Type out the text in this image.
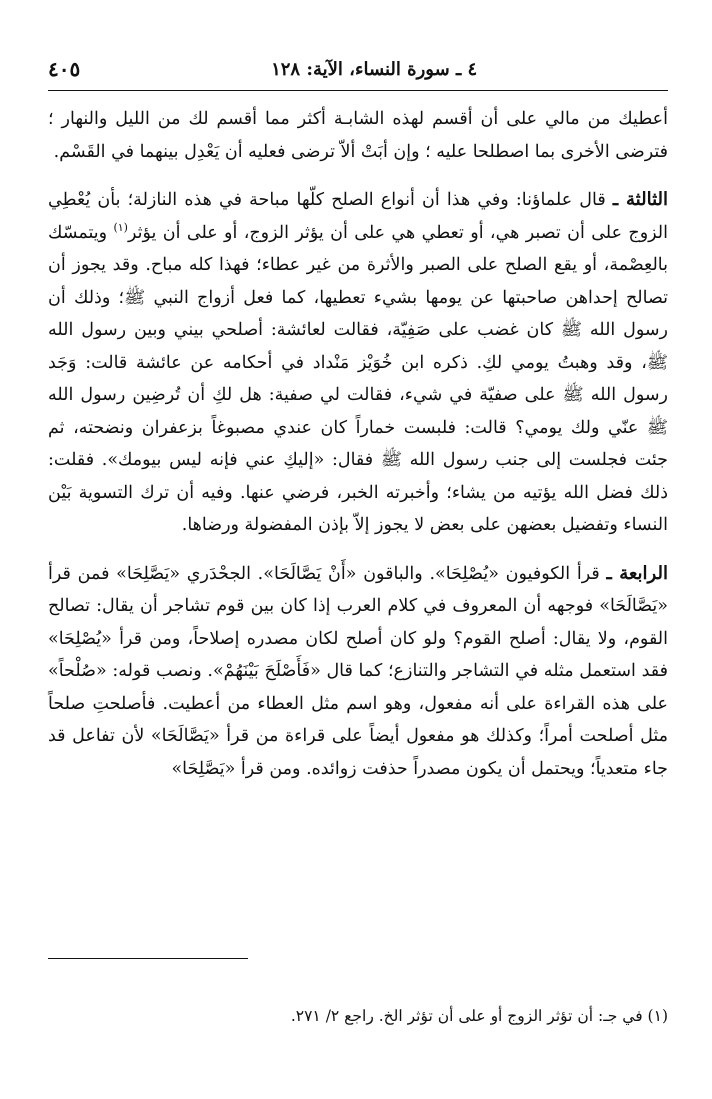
٤ ـ سورة النساء، الآية: ١٢٨
٤٠٥

أعطيك من مالي على أن أقسم لهذه الشابـة أكثر مما أقسم لك من الليل والنهار ؛ فترضى الأخرى بما اصطلحا عليه ؛ وإن أبَتْ ألاّ ترضى فعليه أن يَعْدِل بينهما في القَسْم.

الثالثة ـ قال علماؤنا: وفي هذا أن أنواع الصلح كلّها مباحة في هذه النازلة؛ بأن يُعْطِي الزوج على أن تصبر هي، أو تعطي هي على أن يؤثر الزوج، أو على أن يؤثر$^{(١)}$ ويتمسّك بالعِصْمة، أو يقع الصلح على الصبر والأثرة من غير عطاء؛ فهذا كله مباح. وقد يجوز أن تصالح إحداهن صاحبتها عن يومها بشيء تعطيها، كما فعل أزواج النبي ﷺ؛ وذلك أن رسول الله ﷺ كان غضب على صَفِيّة، فقالت لعائشة: أصلحي بيني وبين رسول الله ﷺ، وقد وهبتُ يومي لكِ. ذكره ابن خُوَيْز مَنْداد في أحكامه عن عائشة قالت: وَجَد رسول الله ﷺ على صفيّة في شيء، فقالت لي صفية: هل لكِ أن تُرضِين رسول الله ﷺ عنّي ولك يومي؟ قالت: فلبست خماراً كان عندي مصبوغاً بزعفران ونضحته، ثم جئت فجلست إلى جنب رسول الله ﷺ فقال: «إليكِ عني فإنه ليس بيومك». فقلت: ذلك فضل الله يؤتيه من يشاء؛ وأخبرته الخبر، فرضي عنها. وفيه أن ترك التسوية بَيْن النساء وتفضيل بعضهن على بعض لا يجوز إلاّ بإذن المفضولة ورضاها.

الرابعة ـ قرأ الكوفيون «يُصْلِحَا». والباقون «أَنْ يَصَّالَحَا». الجحْدَري «يَصَّلِحَا» فمن قرأ «يَصَّالَحَا» فوجهه أن المعروف في كلام العرب إذا كان بين قوم تشاجر أن يقال: تصالح القوم، ولا يقال: أصلح القوم؟ ولو كان أصلح لكان مصدره إصلاحاً، ومن قرأ «يُصْلِحَا» فقد استعمل مثله في التشاجر والتنازع؛ كما قال «فَأَصْلَحَ بَيْنَهُمْ». ونصب قوله: «صُلْحاً» على هذه القراءة على أنه مفعول، وهو اسم مثل العطاء من أعطيت. فأصلحتِ صلحاً مثل أصلحت أمراً؛ وكذلك هو مفعول أيضاً على قراءة من قرأ «يَصَّالَحَا» لأن تفاعل قد جاء متعدياً؛ ويحتمل أن يكون مصدراً حذفت زوائده. ومن قرأ «يَصَّلِحَا»

(١) في جـ: أن تؤثر الزوج أو على أن تؤثر الخ. راجع ٢/ ٢٧١.
